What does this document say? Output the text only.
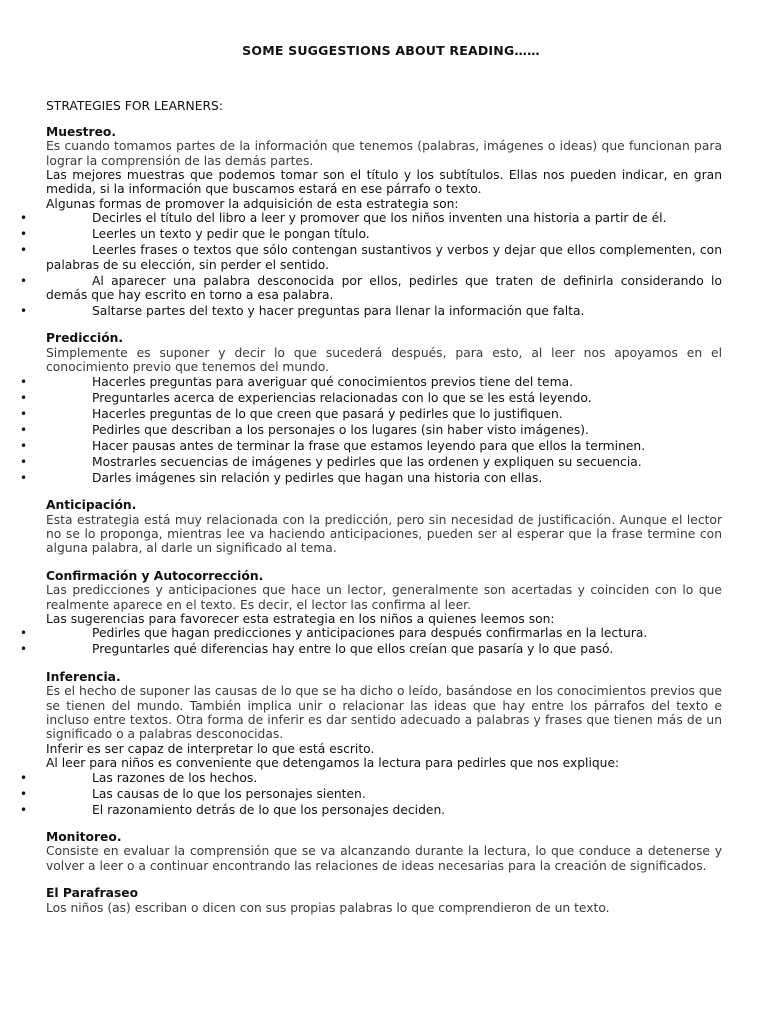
SOME SUGGESTIONS ABOUT READING……
STRATEGIES FOR LEARNERS:
Muestreo.

Es cuando tomamos partes de la información que tenemos (palabras, imágenes o ideas) que funcionan para lograr la comprensión de las demás partes.

Las mejores muestras que podemos tomar son el título y los subtítulos. Ellas nos pueden indicar, en gran medida, si la información que buscamos estará en ese párrafo o texto.

Algunas formas de promover la adquisición de esta estrategia son:

• Decirles el título del libro a leer y promover que los niños inventen una historia a partir de él.
• Leerles un texto y pedir que le pongan título.
• Leerles frases o textos que sólo contengan sustantivos y verbos y dejar que ellos complementen, con palabras de su elección, sin perder el sentido.
• Al aparecer una palabra desconocida por ellos, pedirles que traten de definirla considerando lo demás que hay escrito en torno a esa palabra.
• Saltarse partes del texto y hacer preguntas para llenar la información que falta.
Predicción.

Simplemente es suponer y decir lo que sucederá después, para esto, al leer nos apoyamos en el conocimiento previo que tenemos del mundo.

• Hacerles preguntas para averiguar qué conocimientos previos tiene del tema.
• Preguntarles acerca de experiencias relacionadas con lo que se les está leyendo.
• Hacerles preguntas de lo que creen que pasará y pedirles que lo justifiquen.
• Pedirles que describan a los personajes o los lugares (sin haber visto imágenes).
• Hacer pausas antes de terminar la frase que estamos leyendo para que ellos la terminen.
• Mostrarles secuencias de imágenes y pedirles que las ordenen y expliquen su secuencia.
• Darles imágenes sin relación y pedirles que hagan una historia con ellas.
Anticipación.

Esta estrategia está muy relacionada con la predicción, pero sin necesidad de justificación. Aunque el lector no se lo proponga, mientras lee va haciendo anticipaciones, pueden ser al esperar que la frase termine con alguna palabra, al darle un significado al tema.

Confirmación y Autocorrección.

Las predicciones y anticipaciones que hace un lector, generalmente son acertadas y coinciden con lo que realmente aparece en el texto. Es decir, el lector las confirma al leer.

Las sugerencias para favorecer esta estrategia en los niños a quienes leemos son:

• Pedirles que hagan predicciones y anticipaciones para después confirmarlas en la lectura.
• Preguntarles qué diferencias hay entre lo que ellos creían que pasaría y lo que pasó.
Inferencia.

Es el hecho de suponer las causas de lo que se ha dicho o leído, basándose en los conocimientos previos que se tienen del mundo. También implica unir o relacionar las ideas que hay entre los párrafos del texto e incluso entre textos. Otra forma de inferir es dar sentido adecuado a palabras y frases que tienen más de un significado o a palabras desconocidas.

Inferir es ser capaz de interpretar lo que está escrito.

Al leer para niños es conveniente que detengamos la lectura para pedirles que nos explique:

• Las razones de los hechos.
• Las causas de lo que los personajes sienten.
• El razonamiento detrás de lo que los personajes deciden.
Monitoreo.

Consiste en evaluar la comprensión que se va alcanzando durante la lectura, lo que conduce a detenerse y volver a leer o a continuar encontrando las relaciones de ideas necesarias para la creación de significados.

El Parafraseo

Los niños (as) escriban o dicen con sus propias palabras lo que comprendieron de un texto.
